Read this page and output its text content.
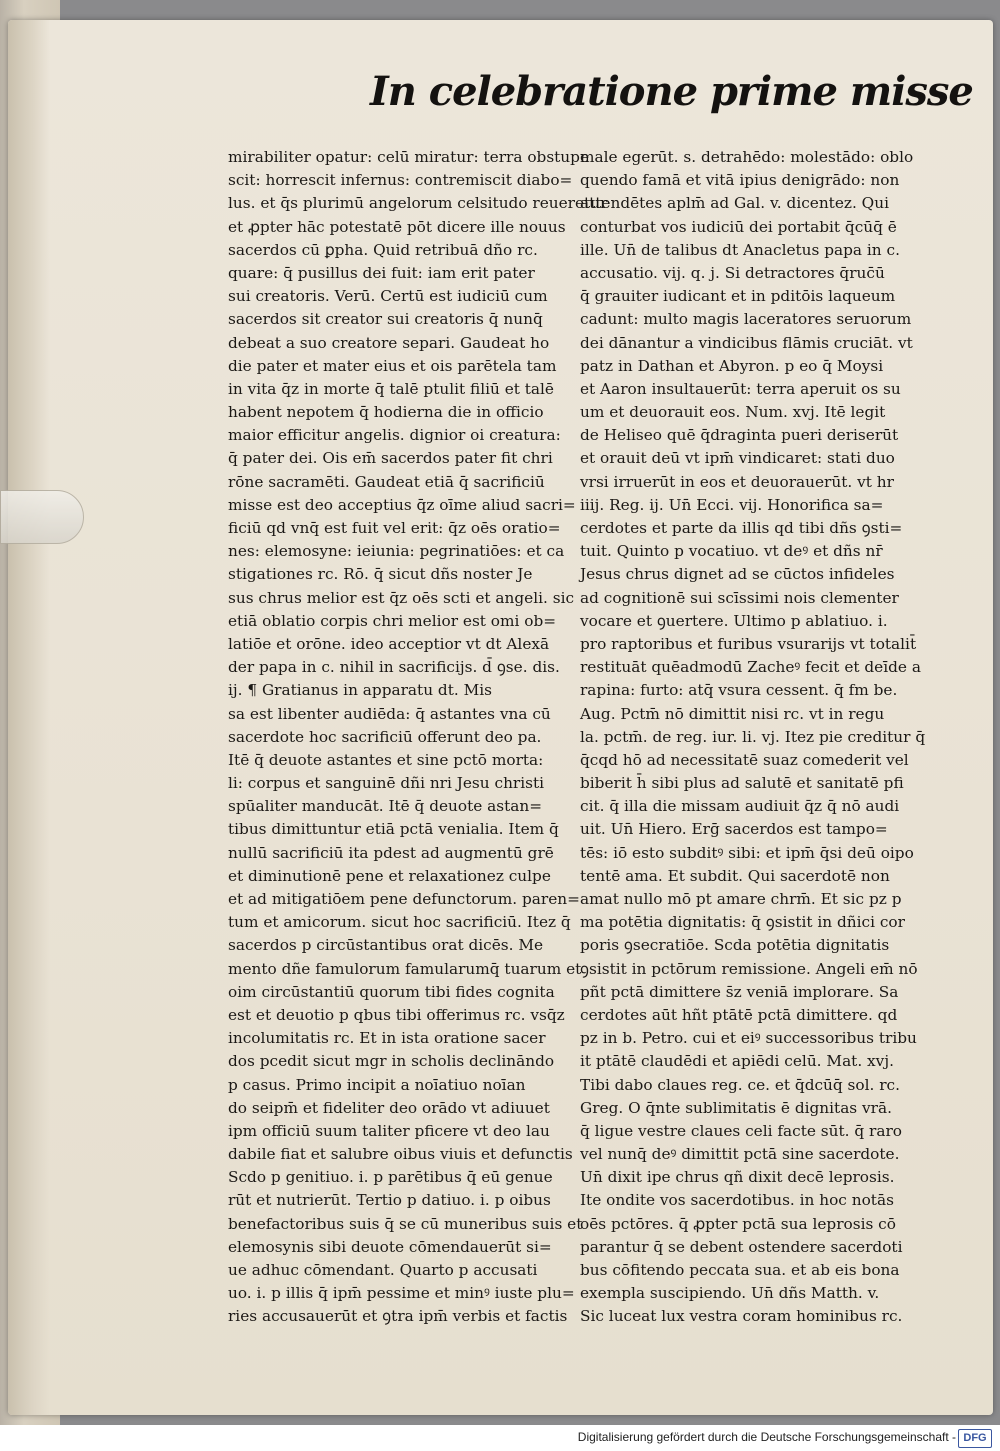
In celebratione prime misse
mirabiliter opatur: celū miratur: terra obstupe
scit: horrescit infernus: contremiscit diabo=
lus. et q̄s plurimū angelorum celsitudo reueretur
et ꝓpter hāc potestatē pōt dicere ille nouus
sacerdos cū ꝑpha. Quid retribuā dño rc.
quare: q̄ pusillus dei fuit: iam erit pater
sui creatoris. Verū. Certū est iudiciū cum
sacerdos sit creator sui creatoris q̄ nunq̄
debeat a suo creatore separi. Gaudeat ho
die pater et mater eius et ois parētela tam
in vita q̄z in morte q̄ talē ptulit filiū et talē
habent nepotem q̄ hodierna die in officio
maior efficitur angelis. dignior oi creatura:
q̄ pater dei. Ois em̄ sacerdos pater fit chri
rōne sacramēti. Gaudeat etiā q̄ sacrificiū
misse est deo acceptius q̄z oīme aliud sacri=
ficiū qd vnq̄ est fuit vel erit: q̄z oēs oratio=
nes: elemosyne: ieiunia: pegrinatiōes: et ca
stigationes rc. Rō. q̄ sicut dñs noster Je
sus chrus melior est q̄z oēs scti et angeli. sic
etiā oblatio corpis chri melior est omi ob=
latiōe et orōne. ideo acceptior vt dt Alexā
der papa in c. nihil in sacrificijs. d̄ ꝯse. dis.
ij. ¶ Gratianus in apparatu dt. Mis
sa est libenter audiēda: q̄ astantes vna cū
sacerdote hoc sacrificiū offerunt deo pa.
Itē q̄ deuote astantes et sine pctō morta:
li: corpus et sanguinē dñi nri Jesu christi
spūaliter manducāt. Itē q̄ deuote astan=
tibus dimittuntur etiā pctā venialia. Item q̄
nullū sacrificiū ita pdest ad augmentū grē
et diminutionē pene et relaxationez culpe
et ad mitigatiōem pene defunctorum. paren=
tum et amicorum. sicut hoc sacrificiū. Itez q̄
sacerdos p circūstantibus orat dicēs. Me
mento dñe famulorum famularumq̄ tuarum et
oim circūstantiū quorum tibi fides cognita
est et deuotio p qbus tibi offerimus rc. vsq̄z
incolumitatis rc. Et in ista oratione sacer
dos pcedit sicut mgr in scholis declināndo
p casus. Primo incipit a noīatiuo noīan
do seipm̄ et fideliter deo orādo vt adiuuet
ipm officiū suum taliter pficere vt deo lau
dabile fiat et salubre oibus viuis et defunctis
Scdo p genitiuo. i. p parētibus q̄ eū genue
rūt et nutrierūt. Tertio p datiuo. i. p oibus
benefactoribus suis q̄ se cū muneribus suis et
elemosynis sibi deuote cōmendauerūt si=
ue adhuc cōmendant. Quarto p accusati
uo. i. p illis q̄ ipm̄ pessime et minꝰ iuste plu=
ries accusauerūt et ꝯtra ipm̄ verbis et factis
male egerūt. s. detrahēdo: molestādo: oblo
quendo famā et vitā ipius denigrādo: non
attendētes aplm̄ ad Gal. v. dicentez. Qui
conturbat vos iudiciū dei portabit q̄cūq̄ ē
ille. Un̄ de talibus dt Anacletus papa in c.
accusatio. vij. q. j. Si detractores q̄ruc̄ū
q̄ grauiter iudicant et in pditōis laqueum
cadunt: multo magis laceratores seruorum
dei dānantur a vindicibus flāmis cruciāt. vt
patz in Dathan et Abyron. p eo q̄ Moysi
et Aaron insultauerūt: terra aperuit os su
um et deuorauit eos. Num. xvj. Itē legit
de Heliseo quē q̄draginta pueri deriserūt
et orauit deū vt ipm̄ vindicaret: stati duo
vrsi irruerūt in eos et deuorauerūt. vt hr
iiij. Reg. ij. Un̄ Ecci. vij. Honorifica sa=
cerdotes et parte da illis qd tibi dñs ꝯsti=
tuit. Quinto p vocatiuo. vt deꝰ et dñs nr̄
Jesus chrus dignet ad se cūctos infideles
ad cognitionē sui scīssimi nois clementer
vocare et ꝯuertere. Ultimo p ablatiuo. i.
pro raptoribus et furibus vsurarijs vt totalit̄
restituāt quēadmodū Zacheꝰ fecit et deīde a
rapina: furto: atq̄ vsura cessent. q̄ fm be.
Aug. Pctm̄ nō dimittit nisi rc. vt in regu
la. pctm̄. de reg. iur. li. vj. Itez pie creditur q̄
q̄cqd hō ad necessitatē suaz comederit vel
biberit h̄ sibi plus ad salutē et sanitatē pfi
cit. q̄ illa die missam audiuit q̄z q̄ nō audi
uit. Un̄ Hiero. Erḡ sacerdos est tampo=
tēs: iō esto subditꝰ sibi: et ipm̄ q̄si deū oipo
tentē ama. Et subdit. Qui sacerdotē non
amat nullo mō pt amare chrm̄. Et sic pz p
ma potētia dignitatis: q̄ ꝯsistit in dñici cor
poris ꝯsecratiōe. Scda potētia dignitatis
ꝯsistit in pctōrum remissione. Angeli em̄ nō
pñt pctā dimittere s̄z veniā implorare. Sa
cerdotes aūt hñt ptātē pctā dimittere. qd
pz in b. Petro. cui et eiꝰ successoribus tribu
it ptātē claudēdi et apiēdi celū. Mat. xvj.
Tibi dabo claues reg. ce. et q̄dcūq̄ sol. rc.
Greg. O q̄nte sublimitatis ē dignitas vrā.
q̄ ligue vestre claues celi facte sūt. q̄ raro
vel nunq̄ deꝰ dimittit pctā sine sacerdote.
Un̄ dixit ipe chrus qñ dixit decē leprosis.
Ite ondite vos sacerdotibus. in hoc notās
oēs pctōres. q̄ ꝓpter pctā sua leprosis cō
parantur q̄ se debent ostendere sacerdoti
bus cōfitendo peccata sua. et ab eis bona
exempla suscipiendo. Un̄ dñs Matth. v.
Sic luceat lux vestra coram hominibus rc.
Digitalisierung gefördert durch die Deutsche Forschungsgemeinschaft - DFG
